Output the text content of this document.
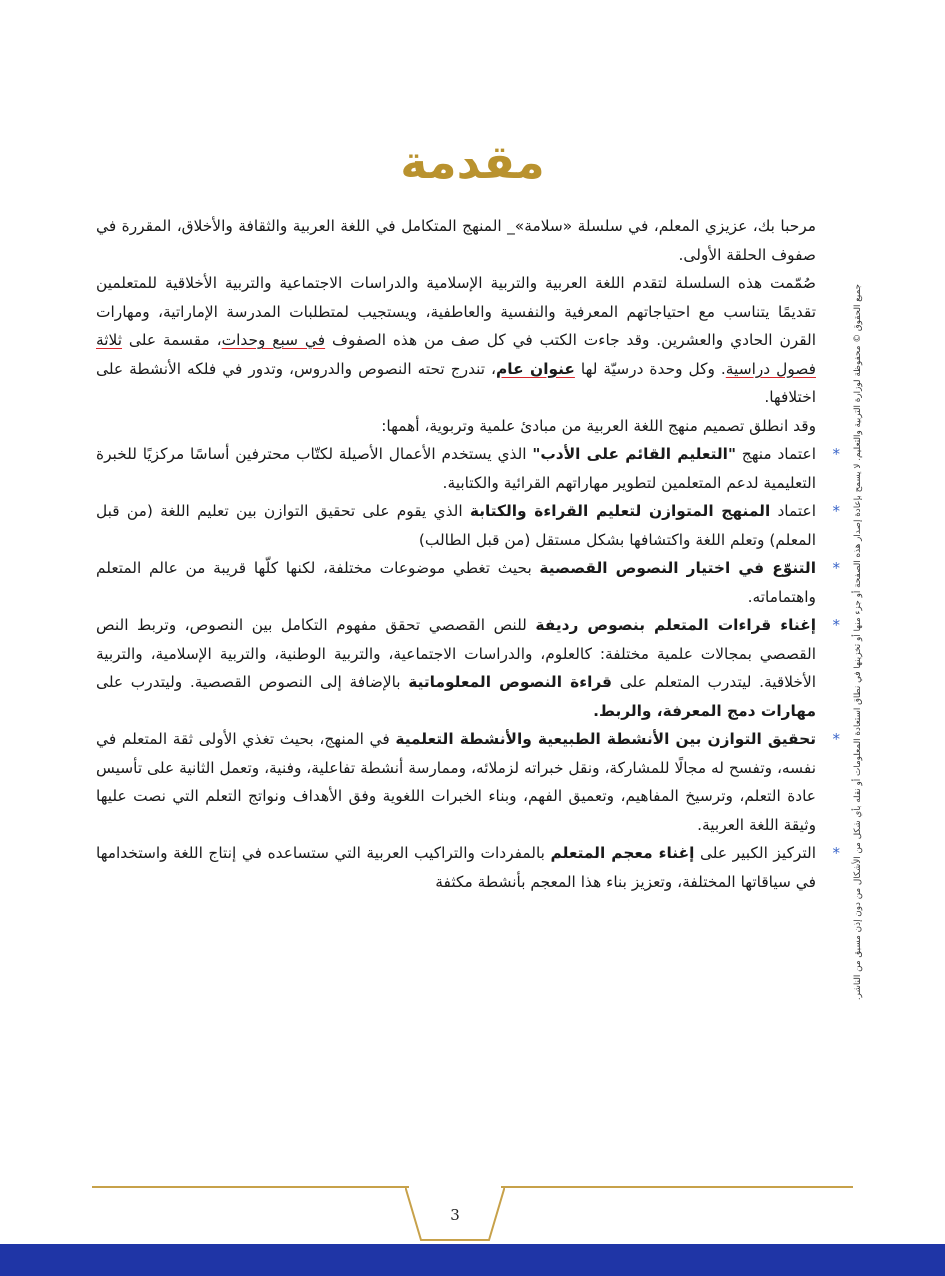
مقدمة

مرحبا بك، عزيزي المعلم، في سلسلة «سلامة»_ المنهج المتكامل في اللغة العربية والثقافة والأخلاق، المقررة في صفوف الحلقة الأولى.

صُمّمت هذه السلسلة لتقدم اللغة العربية والتربية الإسلامية والدراسات الاجتماعية والتربية الأخلاقية للمتعلمين تقديمًا يتناسب مع احتياجاتهم المعرفية والنفسية والعاطفية، ويستجيب لمتطلبات المدرسة الإماراتية، ومهارات القرن الحادي والعشرين. وقد جاءت الكتب في كل صف من هذه الصفوف في سبع وحدات، مقسمة على ثلاثة فصول دراسية. وكل وحدة درسيّة لها عنوان عام، تندرج تحته النصوص والدروس، وتدور في فلكه الأنشطة على اختلافها.

وقد انطلق تصميم منهج اللغة العربية من مبادئ علمية وتربوية، أهمها:

*
اعتماد منهج "التعليم القائم على الأدب" الذي يستخدم الأعمال الأصيلة لكتّاب محترفين أساسًا مركزيًا للخبرة التعليمية لدعم المتعلمين لتطوير مهاراتهم القرائية والكتابية.
*
اعتماد المنهج المتوازن لتعليم القراءة والكتابة الذي يقوم على تحقيق التوازن بين تعليم اللغة (من قبل المعلم) وتعلم اللغة واكتشافها بشكل مستقل (من قبل الطالب)
*
التنوّع في اختيار النصوص القصصية بحيث تغطي موضوعات مختلفة، لكنها كلّها قريبة من عالم المتعلم واهتماماته.
*
إغناء قراءات المتعلم بنصوص رديفة للنص القصصي تحقق مفهوم التكامل بين النصوص، وتربط النص القصصي بمجالات علمية مختلفة: كالعلوم، والدراسات الاجتماعية، والتربية الوطنية، والتربية الإسلامية، والتربية الأخلاقية. ليتدرب المتعلم على قراءة النصوص المعلوماتية بالإضافة إلى النصوص القصصية. وليتدرب على مهارات دمج المعرفة، والربط.
*
تحقيق التوازن بين الأنشطة الطبيعية والأنشطة التعلمية في المنهج، بحيث تغذي الأولى ثقة المتعلم في نفسه، وتفسح له مجالًا للمشاركة، ونقل خبراته لزملائه، وممارسة أنشطة تفاعلية، وفنية، وتعمل الثانية على تأسيس عادة التعلم، وترسيخ المفاهيم، وتعميق الفهم، وبناء الخبرات اللغوية وفق الأهداف ونواتج التعلم التي نصت عليها وثيقة اللغة العربية.
*
التركيز الكبير على إغناء معجم المتعلم بالمفردات والتراكيب العربية التي ستساعده في إنتاج اللغة واستخدامها في سياقاتها المختلفة، وتعزيز بناء هذا المعجم بأنشطة مكثفة	جميع الحقوق © محفوظة لوزارة التربية والتعليم. لا يسمح بإعادة إصدار هذه الصفحة أو جزء منها أو تخزينها في نطاق استعادة المعلومات أو نقله بأي شكل من الأشكال من دون إذن مسبق من الناشر.
3
